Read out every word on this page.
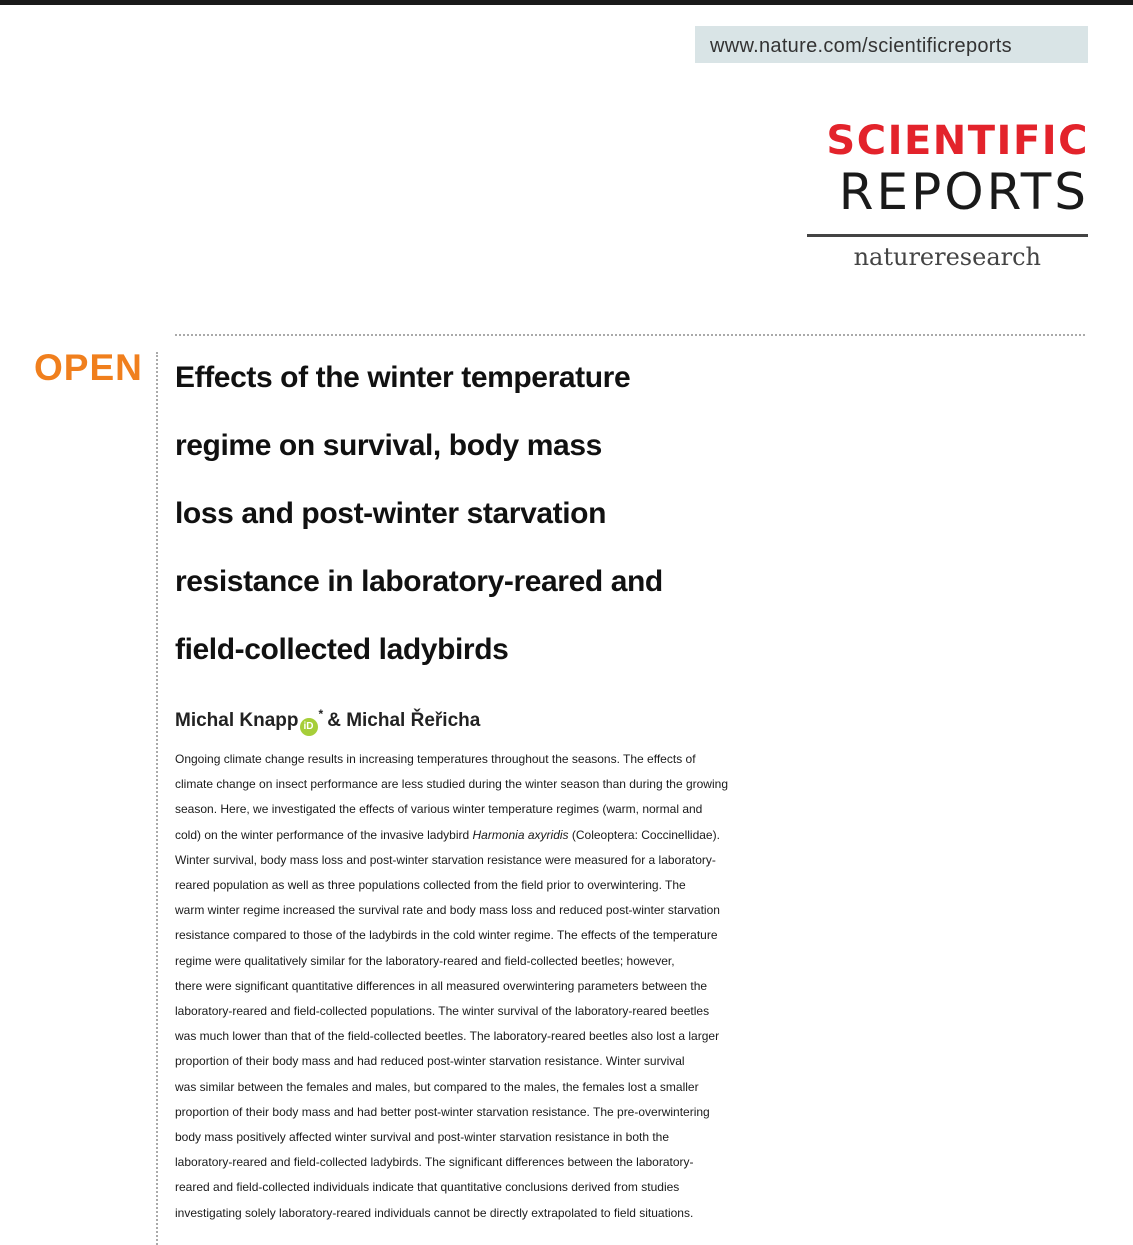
www.nature.com/scientificreports
SCIENTIFIC
REPORTS
natureresearch
OPEN Effects of the winter temperature
regime on survival, body mass
loss and post-winter starvation
resistance in laboratory-reared and
field-collected ladybirds
Michal Knapp iD* & Michal Řeřicha
Ongoing climate change results in increasing temperatures throughout the seasons. The effects of
climate change on insect performance are less studied during the winter season than during the growing
season. Here, we investigated the effects of various winter temperature regimes (warm, normal and
cold) on the winter performance of the invasive ladybird Harmonia axyridis (Coleoptera: Coccinellidae).
Winter survival, body mass loss and post-winter starvation resistance were measured for a laboratory-
reared population as well as three populations collected from the field prior to overwintering. The
warm winter regime increased the survival rate and body mass loss and reduced post-winter starvation
resistance compared to those of the ladybirds in the cold winter regime. The effects of the temperature
regime were qualitatively similar for the laboratory-reared and field-collected beetles; however,
there were significant quantitative differences in all measured overwintering parameters between the
laboratory-reared and field-collected populations. The winter survival of the laboratory-reared beetles
was much lower than that of the field-collected beetles. The laboratory-reared beetles also lost a larger
proportion of their body mass and had reduced post-winter starvation resistance. Winter survival
was similar between the females and males, but compared to the males, the females lost a smaller
proportion of their body mass and had better post-winter starvation resistance. The pre-overwintering
body mass positively affected winter survival and post-winter starvation resistance in both the
laboratory-reared and field-collected ladybirds. The significant differences between the laboratory-
reared and field-collected individuals indicate that quantitative conclusions derived from studies
investigating solely laboratory-reared individuals cannot be directly extrapolated to field situations.
